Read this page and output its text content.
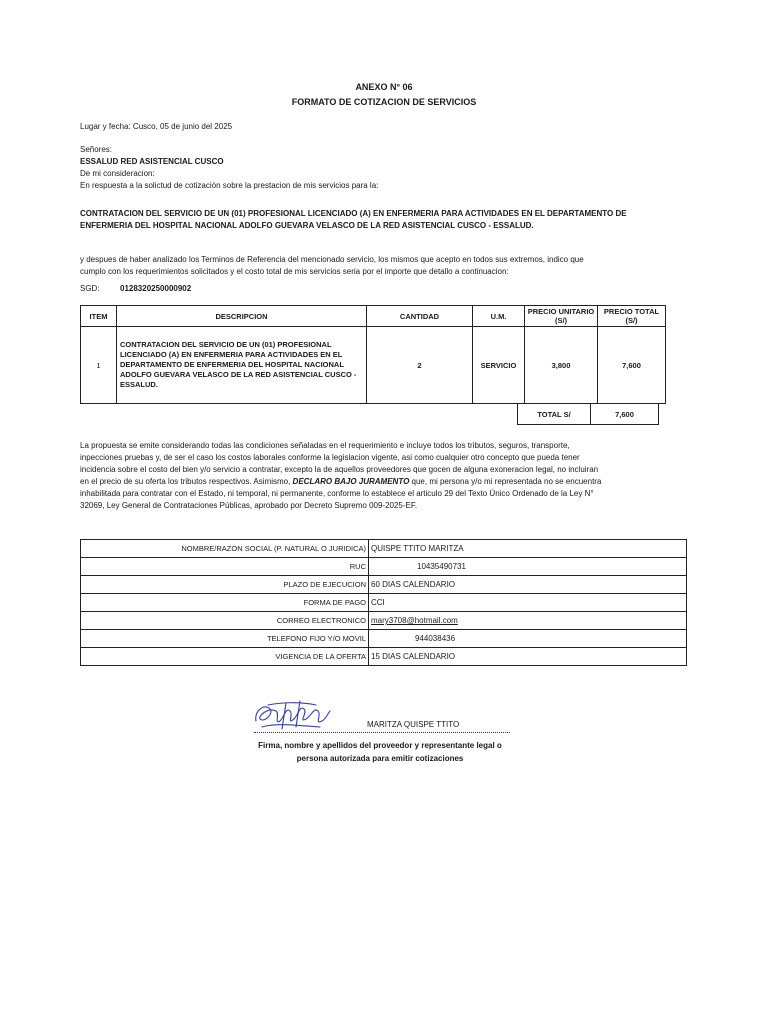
ANEXO N° 06
FORMATO DE COTIZACION DE SERVICIOS
Lugar y fecha: Cusco, 05 de junio del 2025
Señores:
ESSALUD RED ASISTENCIAL CUSCO
De mi consideracion:
En respuesta a la solictud de cotización sobre la prestacion de mis servicios para la:
CONTRATACION DEL SERVICIO DE UN (01) PROFESIONAL LICENCIADO (A) EN ENFERMERIA PARA ACTIVIDADES EN EL DEPARTAMENTO DE
ENFERMERIA DEL HOSPITAL NACIONAL ADOLFO GUEVARA VELASCO DE LA RED ASISTENCIAL CUSCO - ESSALUD.
y despues de haber analizado los Terminos de Referencia del mencionado servicio, los mismos que acepto en todos sus extremos, indico que
cumplo con los requerimientos solicitados y el costo total de mis servicios seria por el importe que detallo a continuacion:
SGD:	0128320250000902
ITEM	DESCRIPCION	CANTIDAD	U.M.	PRECIO UNITARIO (S/)	PRECIO TOTAL (S/)
1	CONTRATACION DEL SERVICIO DE UN (01) PROFESIONAL LICENCIADO (A) EN ENFERMERIA PARA ACTIVIDADES EN EL DEPARTAMENTO DE ENFERMERIA DEL HOSPITAL NACIONAL ADOLFO GUEVARA VELASCO DE LA RED ASISTENCIAL CUSCO - ESSALUD.	2	SERVICIO	3,800	7,600
TOTAL S/	7,600
La propuesta se emite considerando todas las condiciones señaladas en el requerimiento e incluye todos los tributos, seguros, transporte,
inpecciones pruebas y, de ser el caso los costos laborales conforme la legislacion vigente, asi como cualquier otro concepto que pueda tener
incidencia sobre el costo del bien y/o servicio a contratar, excepto la de aquellos proveedores que gocen de alguna exoneracion legal, no incluiran
en el precio de su oferta los tributos respectivos. Asimismo, DECLARO BAJO JURAMENTO que, mi persona y/o mi representada no se encuentra
inhabilitada para contratar con el Estado, ni temporal, ni permanente, conforme lo establece el articulo 29 del Texto Único Ordenado de la Ley N°
32069, Ley General de Contrataciones Públicas, aprobado por Decreto Supremo 009-2025-EF.
NOMBRE/RAZON SOCIAL (P. NATURAL O JURIDICA)	QUISPE TTITO MARITZA
RUC	10435490731
PLAZO DE EJECUCION	60 DIAS CALENDARIO
FORMA DE PAGO	CCI
CORREO ELECTRONICO	mary3708@hotmail.com
TELEFONO FIJO Y/O MOVIL	944038436
VIGENCIA DE LA OFERTA	15 DIAS CALENDARIO
MARITZA QUISPE TTITO
Firma, nombre y apellidos del proveedor y representante legal o
persona autorizada para emitir cotizaciones
